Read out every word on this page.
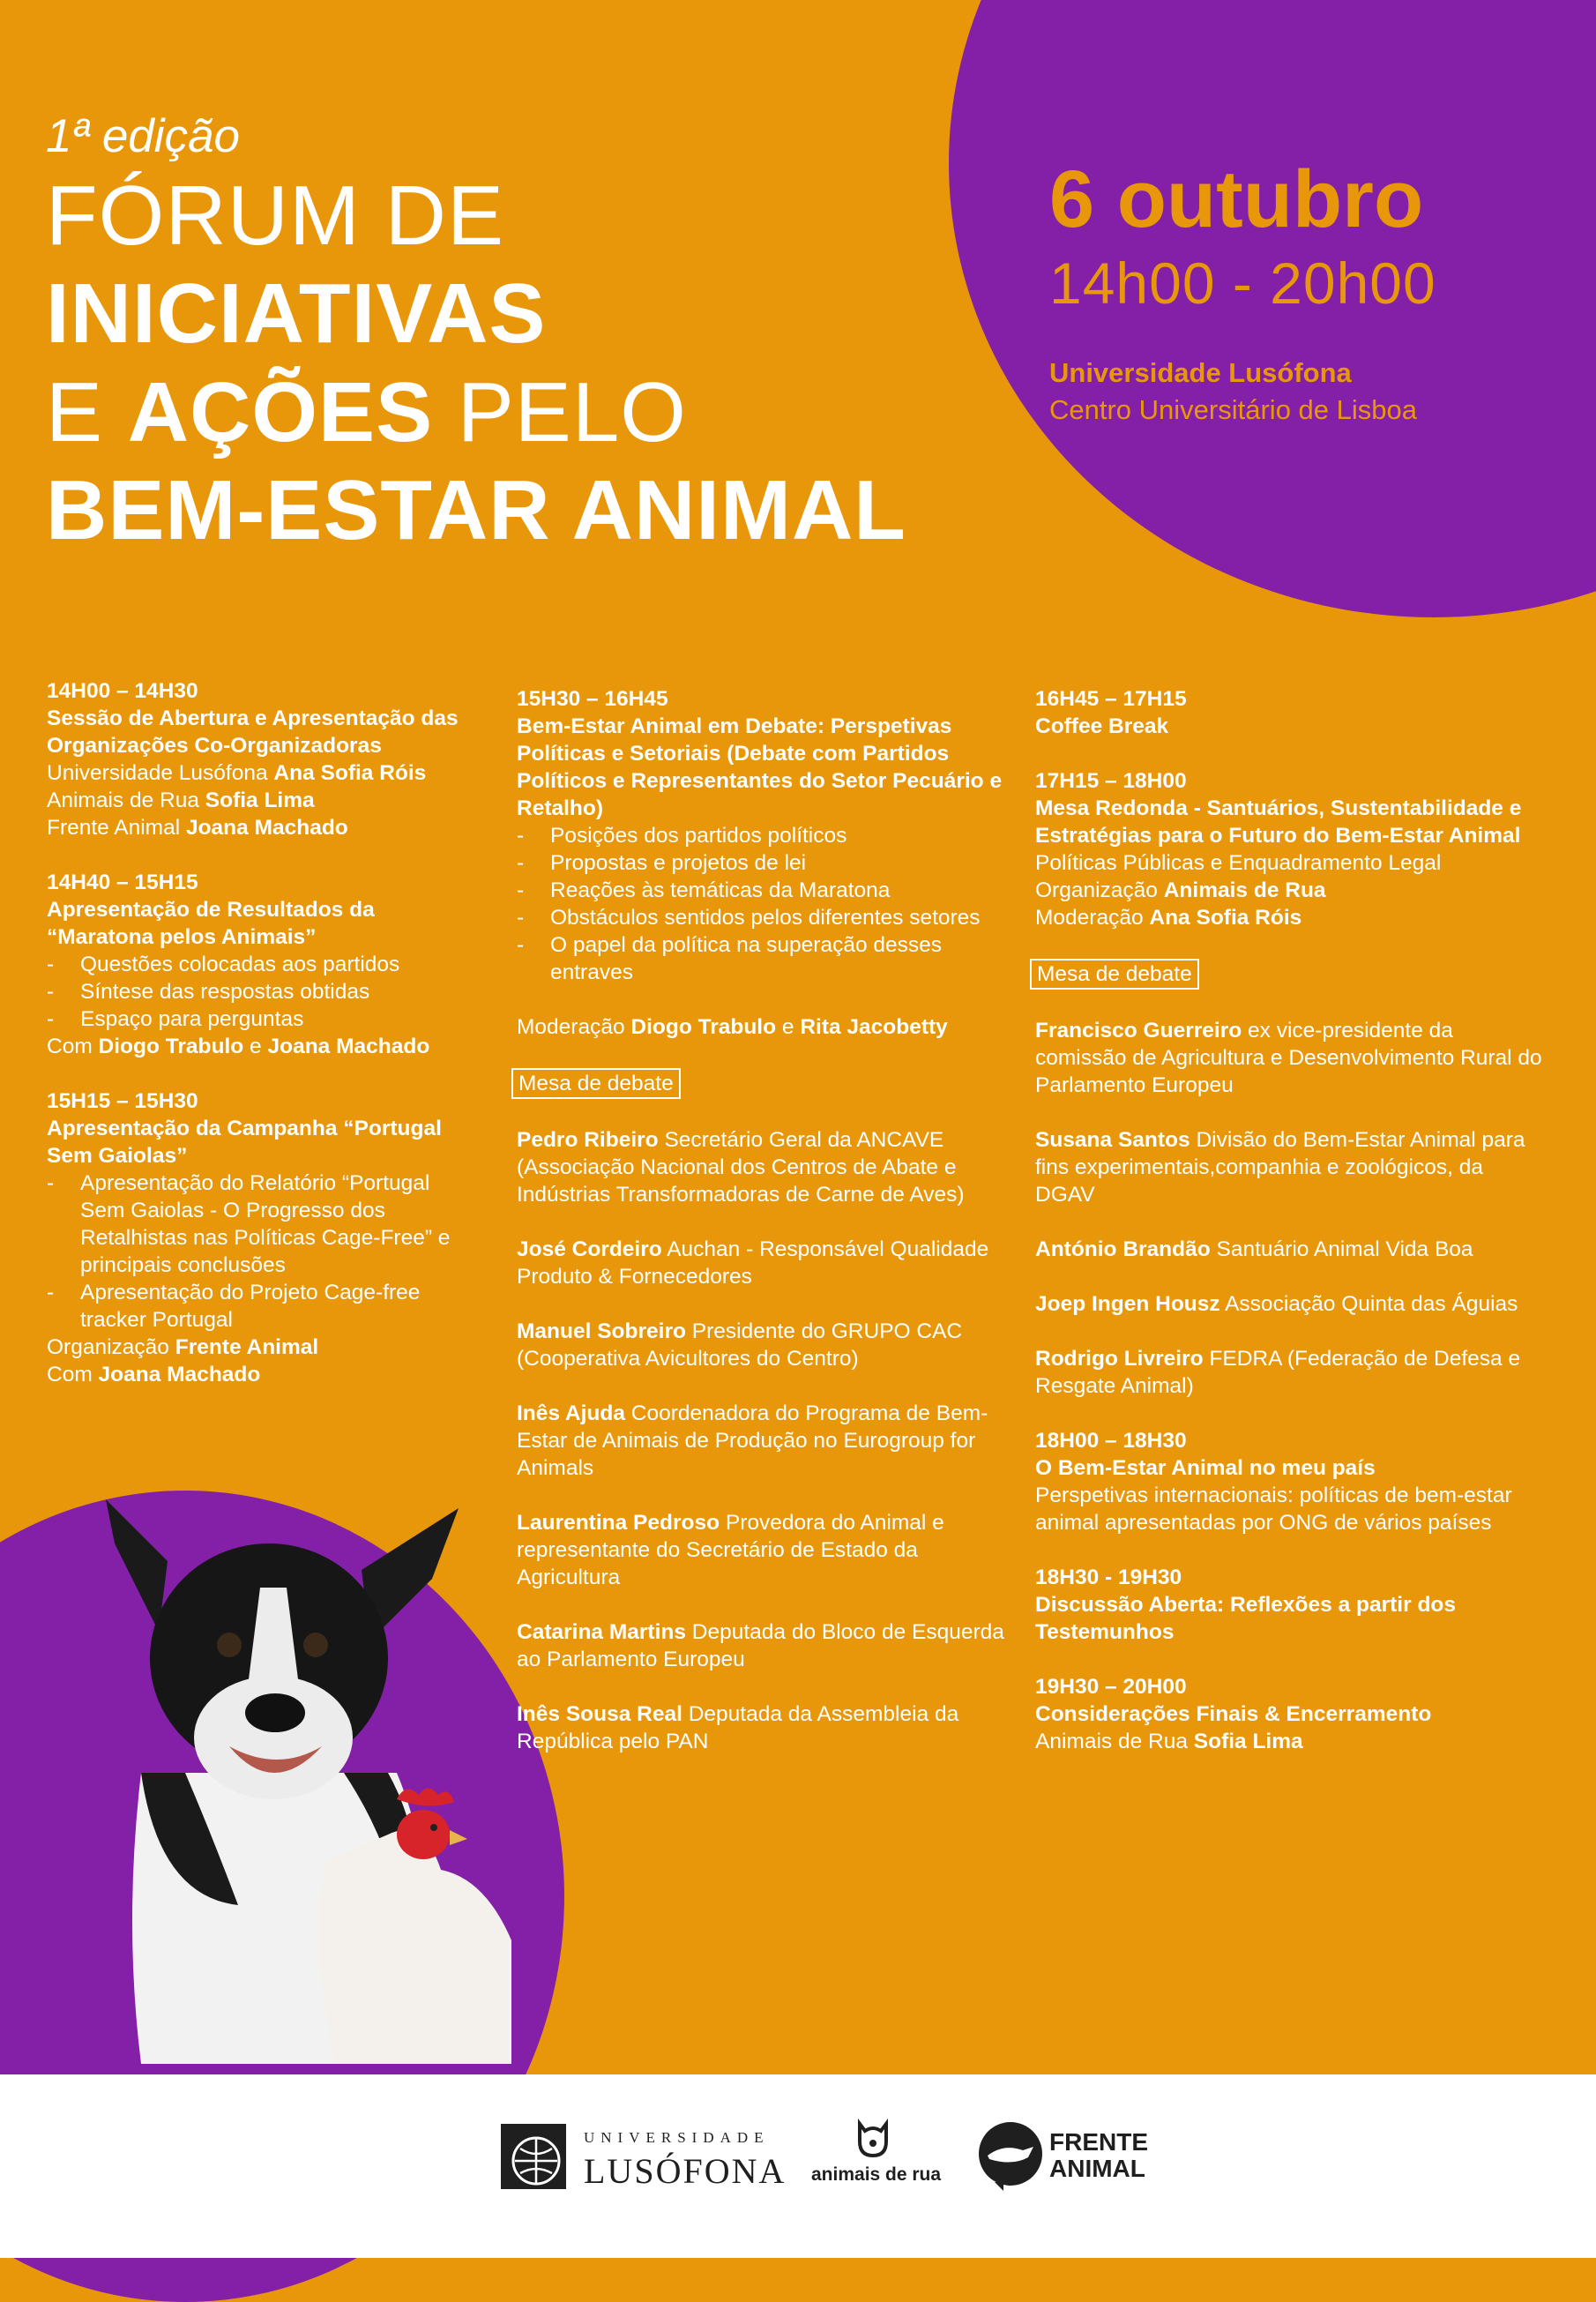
1ª edição
FÓRUM DE
INICIATIVAS
E AÇÕES PELO
BEM-ESTAR ANIMAL
6 outubro
14h00 - 20h00
Universidade Lusófona
Centro Universitário de Lisboa
14H00 – 14H30
Sessão de Abertura e Apresentação das Organizações Co-Organizadoras

Universidade Lusófona Ana Sofia Róis

Animais de Rua Sofia Lima

Frente Animal Joana Machado

14H40 – 15H15
Apresentação de Resultados da “Maratona pelos Animais”
- Questões colocadas aos partidos
- Síntese das respostas obtidas
- Espaço para perguntas

Com Diogo Trabulo e Joana Machado

15H15 – 15H30
Apresentação da Campanha “Portugal Sem Gaiolas”
- Apresentação do Relatório “Portugal Sem Gaiolas - O Progresso dos Retalhistas nas Políticas Cage-Free” e principais conclusões
- Apresentação do Projeto Cage-free tracker Portugal

Organização Frente Animal

Com Joana Machado

15H30 – 16H45
Bem-Estar Animal em Debate: Perspetivas Políticas e Setoriais (Debate com Partidos Políticos e Representantes do Setor Pecuário e Retalho)
- Posições dos partidos políticos
- Propostas e projetos de lei
- Reações às temáticas da Maratona
- Obstáculos sentidos pelos diferentes setores
- O papel da política na superação desses entraves

Moderação Diogo Trabulo e Rita Jacobetty

Mesa de debate

Pedro Ribeiro Secretário Geral da ANCAVE (Associação Nacional dos Centros de Abate e Indústrias Transformadoras de Carne de Aves)

José Cordeiro Auchan - Responsável Qualidade Produto & Fornecedores

Manuel Sobreiro Presidente do GRUPO CAC (Cooperativa Avicultores do Centro)

Inês Ajuda Coordenadora do Programa de Bem-Estar de Animais de Produção no Eurogroup for Animals

Laurentina Pedroso Provedora do Animal e representante do Secretário de Estado da Agricultura

Catarina Martins Deputada do Bloco de Esquerda ao Parlamento Europeu

Inês Sousa Real Deputada da Assembleia da República pelo PAN

16H45 – 17H15
Coffee Break
17H15 – 18H00
Mesa Redonda - Santuários, Sustentabilidade e Estratégias para o Futuro do Bem-Estar Animal

Políticas Públicas e Enquadramento Legal

Organização Animais de Rua

Moderação Ana Sofia Róis

Mesa de debate

Francisco Guerreiro ex vice-presidente da comissão de Agricultura e Desenvolvimento Rural do Parlamento Europeu

Susana Santos Divisão do Bem-Estar Animal para fins experimentais,companhia e zoológicos, da DGAV

António Brandão Santuário Animal Vida Boa

Joep Ingen Housz Associação Quinta das Águias

Rodrigo Livreiro FEDRA (Federação de Defesa e Resgate Animal)

18H00 – 18H30
O Bem-Estar Animal no meu país

Perspetivas internacionais: políticas de bem-estar animal apresentadas por ONG de vários países

18H30 - 19H30
Discussão Aberta: Reflexões a partir dos Testemunhos
19H30 – 20H00
Considerações Finais & Encerramento

Animais de Rua Sofia Lima

UNIVERSIDADE
LUSÓFONA animais de rua
FRENTE
ANIMAL
